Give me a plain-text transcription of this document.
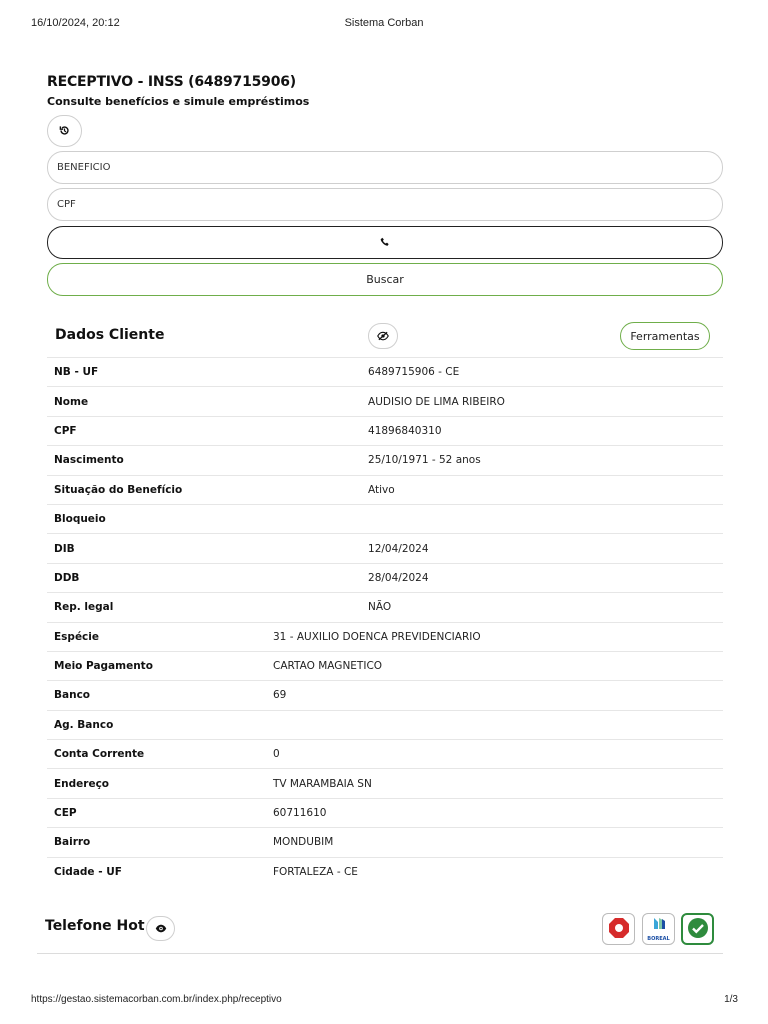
16/10/2024, 20:12	Sistema Corban
https://gestao.sistemacorban.com.br/index.php/receptivo	1/3
RECEPTIVO - INSS (6489715906)
Consulte benefícios e simule empréstimos
BENEFICIO
CPF
Buscar
Dados Cliente	Ferramentas
NB - UF		6489715906 - CE
Nome		AUDISIO DE LIMA RIBEIRO
CPF		41896840310
Nascimento		25/10/1971 - 52 anos
Situação do Benefício		Ativo
Bloqueio		
DIB		12/04/2024
DDB		28/04/2024
Rep. legal		NÃO
Espécie	31 - AUXILIO DOENCA PREVIDENCIARIO	
Meio Pagamento	CARTAO MAGNETICO	
Banco	69	
Ag. Banco		
Conta Corrente	0	
Endereço	TV MARAMBAIA SN	
CEP	60711610	
Bairro	MONDUBIM	
Cidade - UF	FORTALEZA - CE	
Telefone Hot
BOREAL
